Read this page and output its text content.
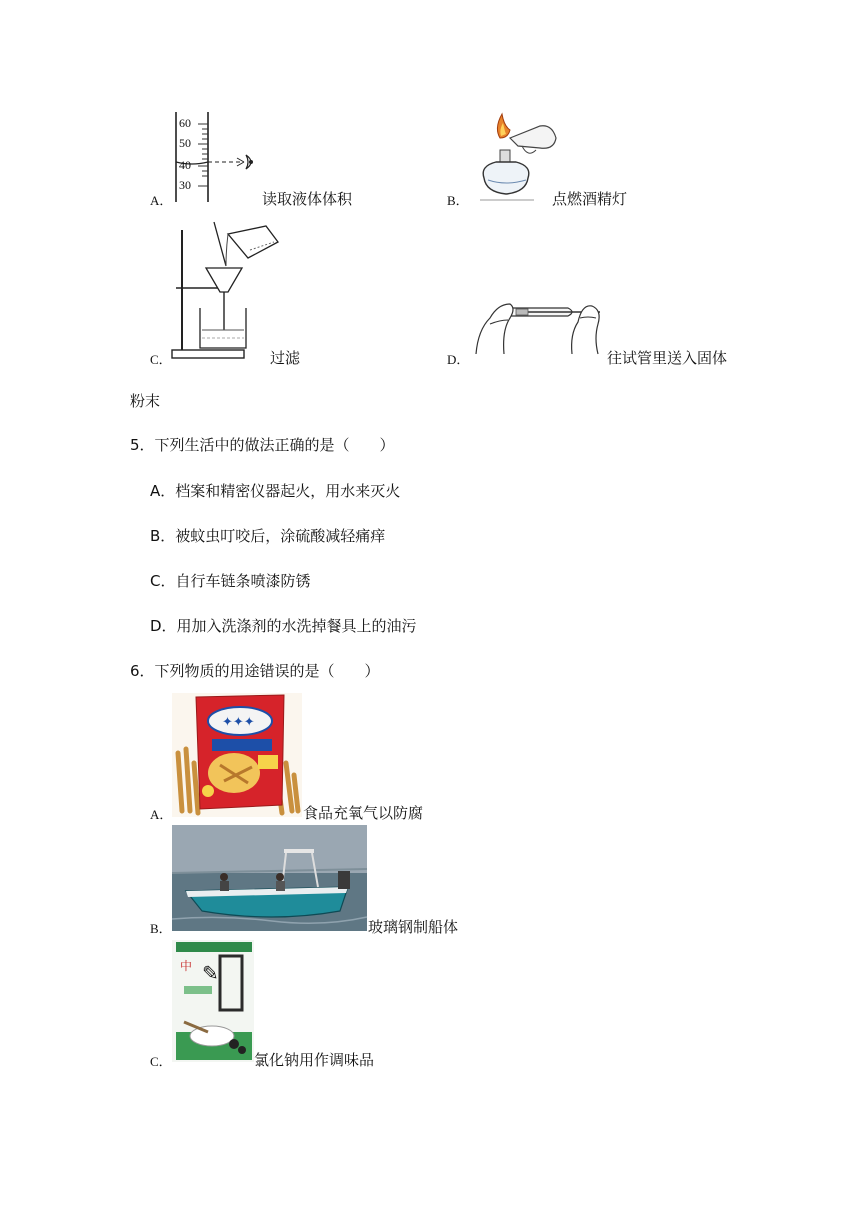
A．
60
50
40
30
读取液体体积	B．	点燃酒精灯
C．	过滤	D．	往试管里送入固体
粉末
5．下列生活中的做法正确的是（　　）
A．档案和精密仪器起火，用水来灭火
B．被蚊虫叮咬后，涂硫酸减轻痛痒
C．自行车链条喷漆防锈
D．用加入洗涤剂的水洗掉餐具上的油污
6．下列物质的用途错误的是（　　）
A．
✦✦✦
食品充氧气以防腐
B．	玻璃钢制船体
C．
中 ✎
氯化钠用作调味品
